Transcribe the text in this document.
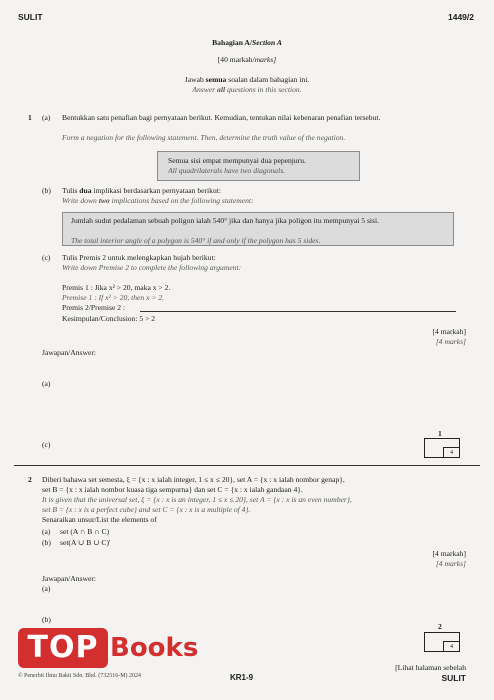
SULIT	1449/2
Bahagian A/Section A
[40 markah/marks]
Jawab semua soalan dalam bahagian ini.
Answer all questions in this section.
1 (a) Bentukkan satu penafian bagi pernyataan berikut. Kemudian, tentukan nilai kebenaran penafian tersebut.
Form a negation for the following statement. Then, determine the truth value of the negation.
Semua sisi empat mempunyai dua pepenjuru.
All quadrilaterals have two diagonals.
(b) Tulis dua implikasi berdasarkan pernyataan berikut:
Write down two implications based on the following statement:
Jumlah sudut pedalaman sebuah poligon ialah 540° jika dan hanya jika poligon itu mempunyai 5 sisi.
The total interior angle of a polygon is 540° if and only if the polygon has 5 sides.
(c) Tulis Premis 2 untuk melengkapkan hujah berikut:
Write down Premise 2 to complete the following argument:
Premis 1 : Jika x² > 20, maka x > 2.
Premise 1 : If x² > 20, then x > 2.
Premis 2/Premise 2 :
Kesimpulan/Conclusion: 5 > 2
[4 markah]
[4 marks]
Jawapan/Answer:
(a)
(c)
1
4
2 Diberi bahawa set semesta, ξ = {x : x ialah integer, 1 ≤ x ≤ 20}, set A = {x : x ialah nombor genap},
set B = {x : x ialah nombor kuasa tiga sempurna} dan set C = {x : x ialah gandaan 4}.
It is given that the universal set, ξ = {x : x is an integer, 1 ≤ x ≤ 20}, set A = {x : x is an even number},
set B = {x : x is a perfect cube} and set C = {x : x is a multiple of 4}.
Senaraikan unsur/List the elements of
(a) set (A ∩ B ∩ C)
(b) set(A ∪ B ∪ C)'
[4 markah]
[4 marks]
Jawapan/Answer:
(a)
(b)
2
4
TOP Books
© Penerbit Ilmu Bakti Sdn. Bhd. (732516-M) 2024	KR1-9
[Lihat halaman sebelah
SULIT
